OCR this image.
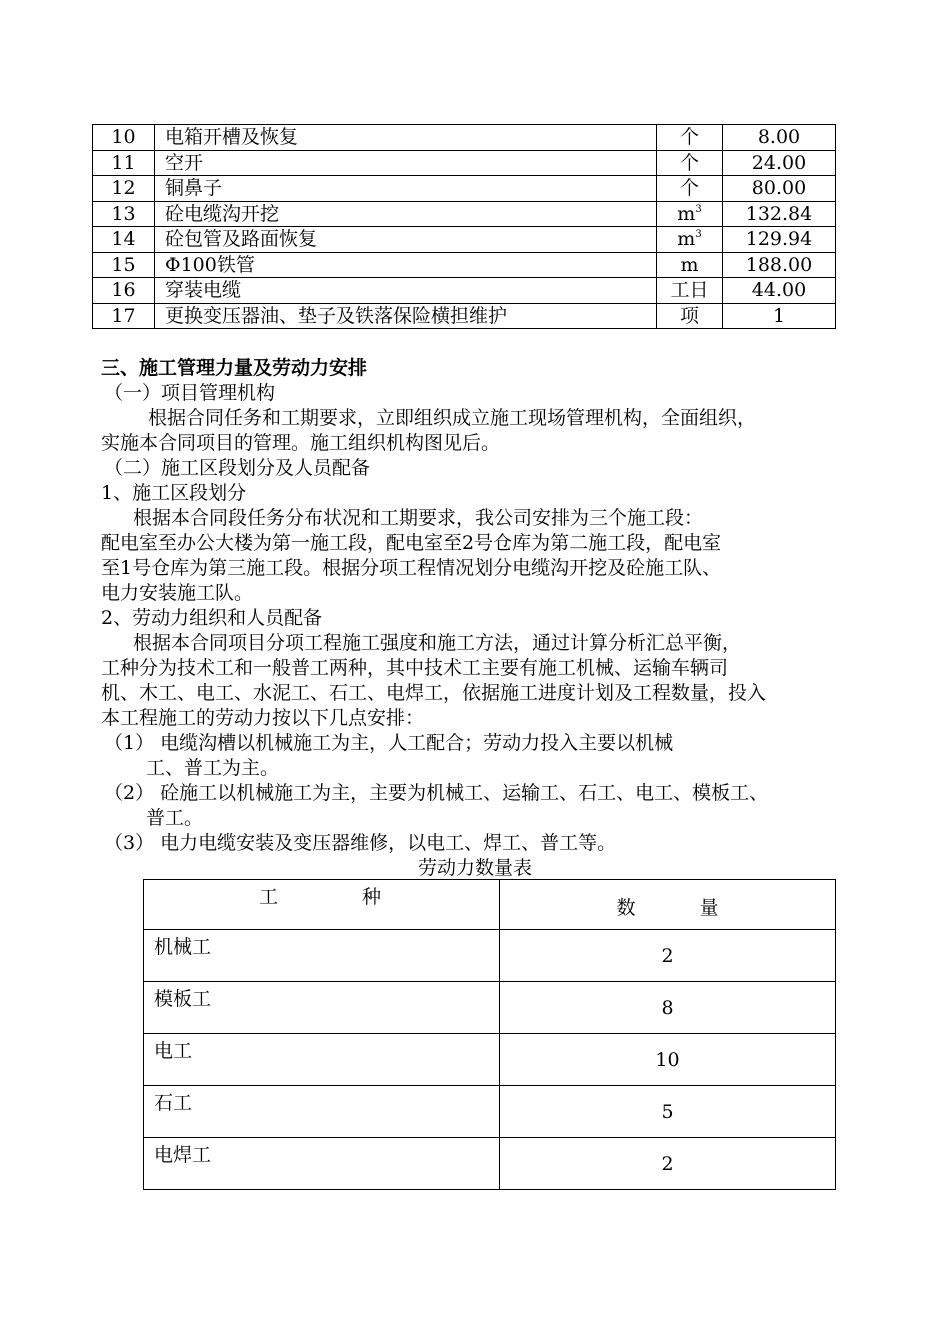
10	电箱开槽及恢复	个	8.00
11	空开	个	24.00
12	铜鼻子	个	80.00
13	砼电缆沟开挖	$m^3$	132.84
14	砼包管及路面恢复	$m^3$	129.94
15	Φ100铁管	m	188.00
16	穿装电缆	工日	44.00
17	更换变压器油、垫子及铁落保险横担维护	项	1
三、施工管理力量及劳动力安排
（一）项目管理机构
根据合同任务和工期要求，立即组织成立施工现场管理机构，全面组织，
实施本合同项目的管理。施工组织机构图见后。
（二）施工区段划分及人员配备
1、施工区段划分
根据本合同段任务分布状况和工期要求，我公司安排为三个施工段：
配电室至办公大楼为第一施工段，配电室至2号仓库为第二施工段，配电室
至1号仓库为第三施工段。根据分项工程情况划分电缆沟开挖及砼施工队、
电力安装施工队。
2、劳动力组织和人员配备
根据本合同项目分项工程施工强度和施工方法，通过计算分析汇总平衡，
工种分为技术工和一般普工两种，其中技术工主要有施工机械、运输车辆司
机、木工、电工、水泥工、石工、电焊工，依据施工进度计划及工程数量，投入
本工程施工的劳动力按以下几点安排：
（1） 电缆沟槽以机械施工为主，人工配合；劳动力投入主要以机械
工、普工为主。
（2） 砼施工以机械施工为主，主要为机械工、运输工、石工、电工、模板工、
普工。
（3） 电力电缆安装及变压器维修，以电工、焊工、普工等。
劳动力数量表
工 种	数 量

机械工	2
模板工	8
电工	10
石工	5
电焊工	2
